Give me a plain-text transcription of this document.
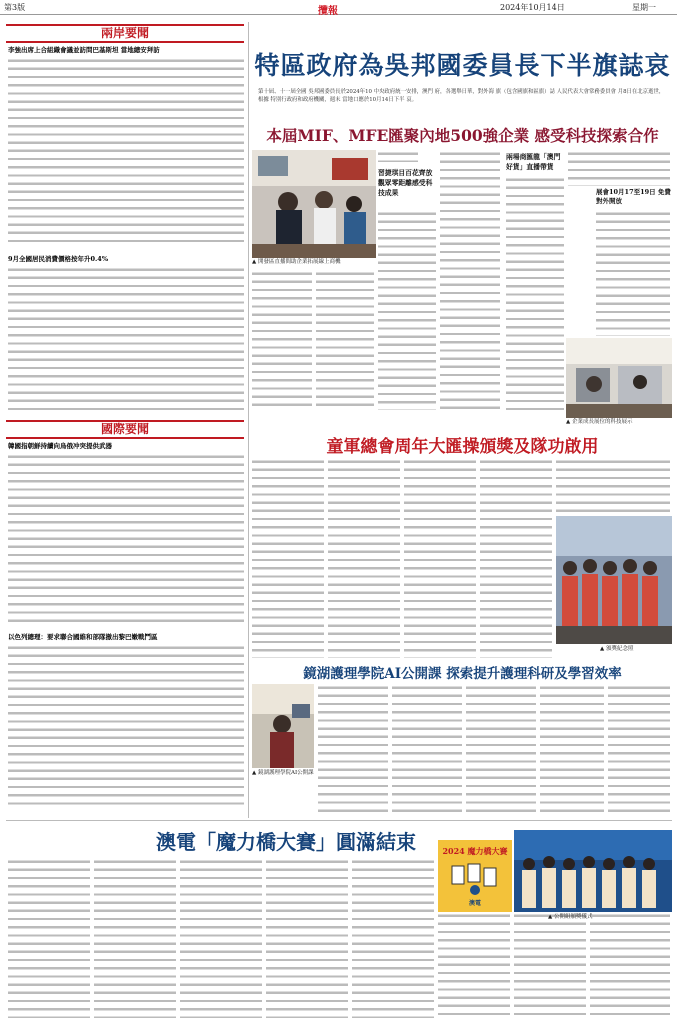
第3版	攬報	2024年10月14日	星期一
兩岸要聞
李強出席上合組織會議並訪問巴基斯坦 當地總安拜訪
9月全國居民消費價格按年升0.4%
國際要聞
韓國指朝鮮持續向烏俄冲突提供武器
以色列總理：要求聯合國維和部隊撤出黎巴嫩戰鬥區
特區政府為吳邦國委員長下半旗誌哀
第十屆、十一屆全國 吳邦國委員長於2024年10 中央政府統一安排，澳門 府，各選舉日華，對外海 旗（包含國旗和區旗）誌 人民代表大會常務委員會 月8日在北京逝世，根據 特別行政府和政府機關，週末 當地口應於10月14日下半 哀。
本屆MIF、MFE匯聚內地500強企業 感受科技探索合作
▲ 開發區直播間助企業拓展線上商機
習捷琪目百花齊放 觀眾零距離感受科技成果
兩場商匯龍「澳門好貨」直播帶貨
展會10月17至19日 免費對外開放
▲ 企業成長展位的科技展示
童軍總會周年大匯操頒獎及隊功啟用
▲ 頒獎紀念照
鏡湖護理學院AI公開課 探索提升護理科研及學習效率
▲ 鏡湖護理學院AI公開課
澳電「魔力橋大賽」圓滿結束	2024 魔力橋大賽
澳電
▲ 公開組頒獎儀式
